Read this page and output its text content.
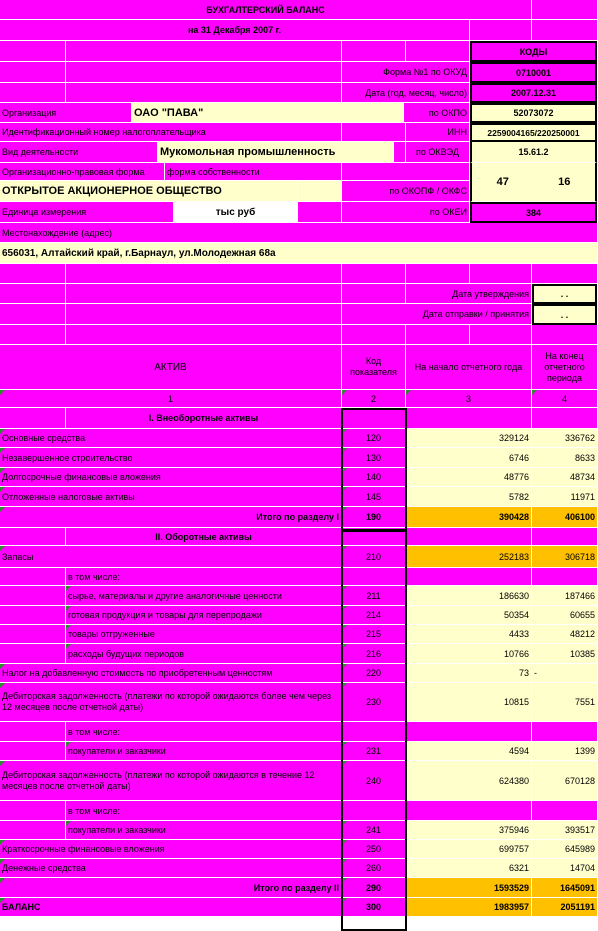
БУХГАЛТЕРСКИЙ БАЛАНС
на 31 Декабря 2007 г.
КОДЫ
Форма №1 по ОКУД	0710001
Дата (год, месяц, число)	2007.12.31
Организация	ОАО "ПАВА"	по ОКПО	52073072
Идентификационный номер налогоплательщика	ИНН	2259004165/220250001
Вид деятельности	Мукомольная промышленность	по ОКВЭД	15.61.2
Организационно-правовая форма	форма собственности
ОТКРЫТОЕ АКЦИОНЕРНОЕ ОБЩЕСТВО	по ОКОПФ / ОКФС
47	16
Единица измерения	тыс руб	по ОКЕИ	384
Местонахождение (адрес)
656031, Алтайский край, г.Барнаул, ул.Молодежная 68а
Дата утверждения	. .
Дата отправки / принятия	. .
АКТИВ
Код показателя
На начало отчетного года
На конец отчетного периода
1	2	3	4
I. Внеоборотные активы
Основные средства	120	329124	336762
Незавершенное строительство	130	6746	8633
Долгосрочные финансовые вложения	140	48776	48734
Отложенные налоговые активы	145	5782	11971
Итого по разделу I	190	390428	406100
II. Оборотные активы
Запасы	210	252183	306718
в том числе:
сырье, материалы и другие аналогичные ценности	211	186630	187466
готовая продукция и товары для перепродажи	214	50354	60655
товары отгруженные	215	4433	48212
расходы будущих периодов	216	10766	10385
Налог на добавленную стоимость по приобретенным ценностям	220	73 -
Дебиторская задолженность (платежи по которой ожидаются более чем через 12 месяцев после отчетной даты)	230	10815	7551
в том числе:
покупатели и заказчики	231	4594	1399
Дебиторская задолженность (платежи по которой ожидаются в течение 12 месяцев после отчетной даты)	240	624380	670128
в том числе:
покупатели и заказчики	241	375946	393517
Краткосрочные финансовые вложения	250	699757	645989
Денежные средства	260	6321	14704
Итого по разделу II	290	1593529	1645091
БАЛАНС	300	1983957	2051191
